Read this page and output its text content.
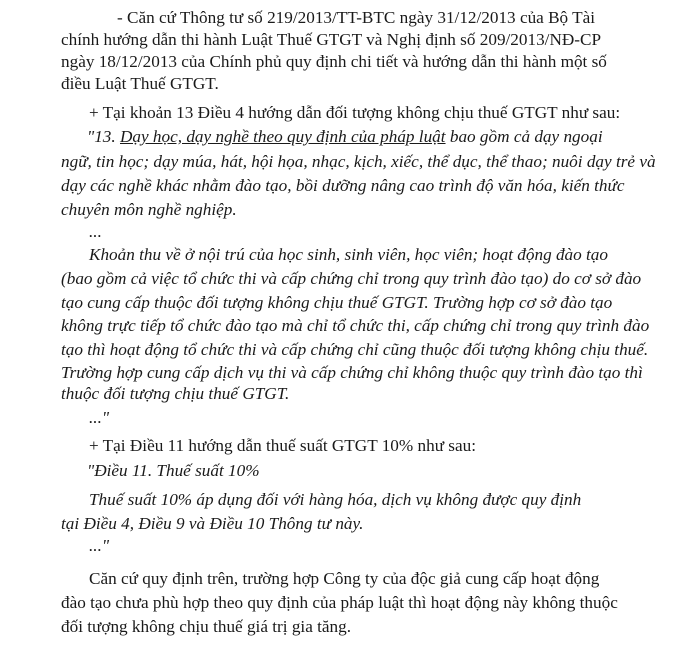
- Căn cứ Thông tư số 219/2013/TT-BTC ngày 31/12/2013 của Bộ Tài
chính hướng dẫn thi hành Luật Thuế GTGT và Nghị định số 209/2013/NĐ-CP
ngày 18/12/2013 của Chính phủ quy định chi tiết và hướng dẫn thi hành một số
điều Luật Thuế GTGT.
+ Tại khoản 13 Điều 4 hướng dẫn đối tượng không chịu thuế GTGT như sau:
"13. Dạy học, dạy nghề theo quy định của pháp luật bao gồm cả dạy ngoại
ngữ, tin học; dạy múa, hát, hội họa, nhạc, kịch, xiếc, thể dục, thể thao; nuôi dạy trẻ và
dạy các nghề khác nhằm đào tạo, bồi dưỡng nâng cao trình độ văn hóa, kiến thức
chuyên môn nghề nghiệp.
...
Khoản thu về ở nội trú của học sinh, sinh viên, học viên; hoạt động đào tạo
(bao gồm cả việc tổ chức thi và cấp chứng chỉ trong quy trình đào tạo) do cơ sở đào
tạo cung cấp thuộc đối tượng không chịu thuế GTGT. Trường hợp cơ sở đào tạo
không trực tiếp tổ chức đào tạo mà chỉ tổ chức thi, cấp chứng chỉ trong quy trình đào
tạo thì hoạt động tổ chức thi và cấp chứng chỉ cũng thuộc đối tượng không chịu thuế.
Trường hợp cung cấp dịch vụ thi và cấp chứng chỉ không thuộc quy trình đào tạo thì
thuộc đối tượng chịu thuế GTGT.
..."
+ Tại Điều 11 hướng dẫn thuế suất GTGT 10% như sau:
"Điều 11. Thuế suất 10%
Thuế suất 10% áp dụng đối với hàng hóa, dịch vụ không được quy định
tại Điều 4, Điều 9 và Điều 10 Thông tư này.
..."
Căn cứ quy định trên, trường hợp Công ty của độc giả cung cấp hoạt động
đào tạo chưa phù hợp theo quy định của pháp luật thì hoạt động này không thuộc
đối tượng không chịu thuế giá trị gia tăng.
